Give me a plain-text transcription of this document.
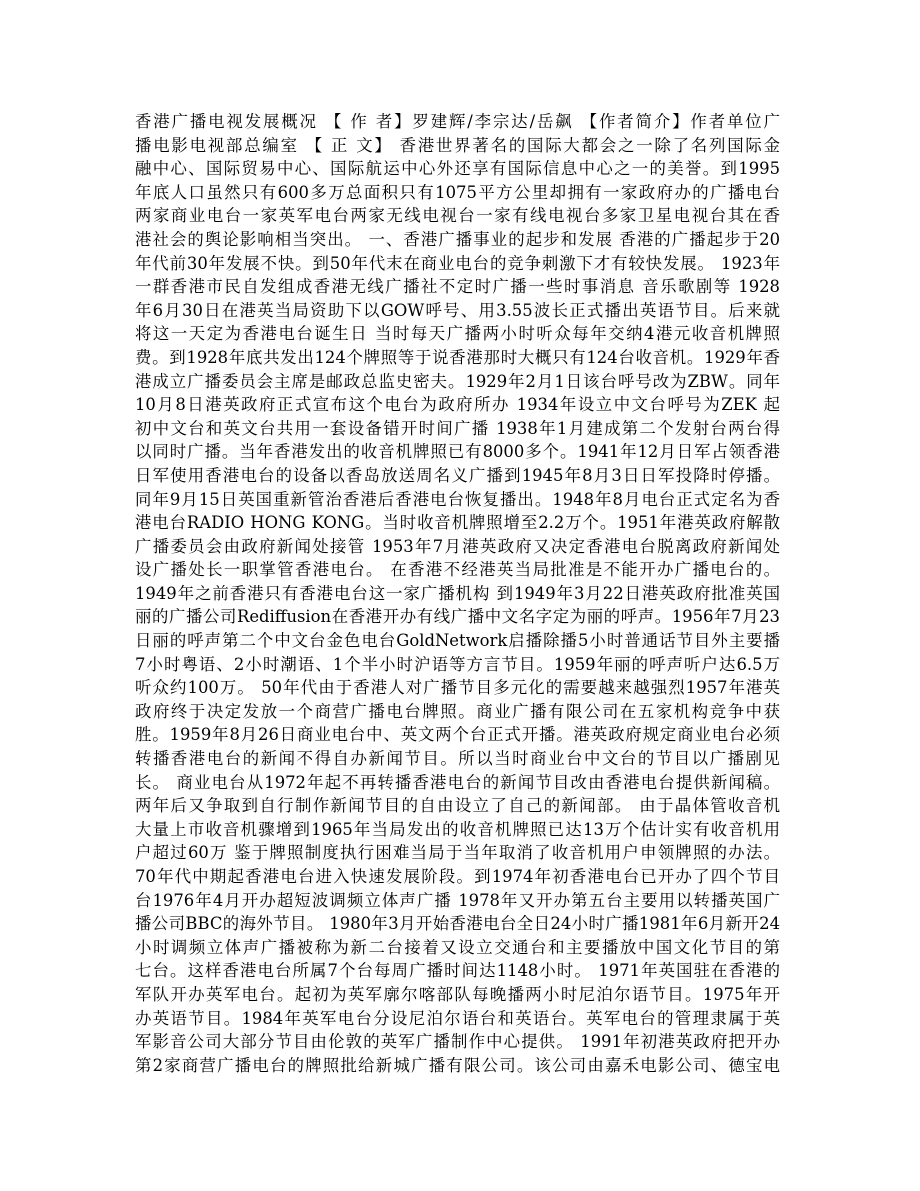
香港广播电视发展概况 【 作 者】罗建辉/李宗达/岳飙 【作者简介】作者单位广
播电影电视部总编室 【 正 文】 香港世界著名的国际大都会之一除了名列国际金
融中心、国际贸易中心、国际航运中心外还享有国际信息中心之一的美誉。到1995
年底人口虽然只有600多万总面积只有1075平方公里却拥有一家政府办的广播电台
两家商业电台一家英军电台两家无线电视台一家有线电视台多家卫星电视台其在香
港社会的舆论影响相当突出。 一、香港广播事业的起步和发展 香港的广播起步于20
年代前30年发展不快。到50年代末在商业电台的竞争刺激下才有较快发展。 1923年
一群香港市民自发组成香港无线广播社不定时广播一些时事消息 音乐歌剧等 1928
年6月30日在港英当局资助下以GOW呼号、用3.55波长正式播出英语节目。后来就
将这一天定为香港电台诞生日 当时每天广播两小时听众每年交纳4港元收音机牌照
费。到1928年底共发出124个牌照等于说香港那时大概只有124台收音机。1929年香
港成立广播委员会主席是邮政总监史密夫。1929年2月1日该台呼号改为ZBW。同年
10月8日港英政府正式宣布这个电台为政府所办 1934年设立中文台呼号为ZEK 起
初中文台和英文台共用一套设备错开时间广播 1938年1月建成第二个发射台两台得
以同时广播。当年香港发出的收音机牌照已有8000多个。1941年12月日军占领香港
日军使用香港电台的设备以香岛放送周名义广播到1945年8月3日日军投降时停播。
同年9月15日英国重新管治香港后香港电台恢复播出。1948年8月电台正式定名为香
港电台RADIO HONG KONG。当时收音机牌照增至2.2万个。1951年港英政府解散
广播委员会由政府新闻处接管 1953年7月港英政府又决定香港电台脱离政府新闻处
设广播处长一职掌管香港电台。 在香港不经港英当局批准是不能开办广播电台的。
1949年之前香港只有香港电台这一家广播机构 到1949年3月22日港英政府批准英国
丽的广播公司Rediffusion在香港开办有线广播中文名字定为丽的呼声。1956年7月23
日丽的呼声第二个中文台金色电台GoldNetwork启播除播5小时普通话节目外主要播
7小时粤语、2小时潮语、1个半小时沪语等方言节目。1959年丽的呼声听户达6.5万
听众约100万。 50年代由于香港人对广播节目多元化的需要越来越强烈1957年港英
政府终于决定发放一个商营广播电台牌照。商业广播有限公司在五家机构竞争中获
胜。1959年8月26日商业电台中、英文两个台正式开播。港英政府规定商业电台必须
转播香港电台的新闻不得自办新闻节目。所以当时商业台中文台的节目以广播剧见
长。 商业电台从1972年起不再转播香港电台的新闻节目改由香港电台提供新闻稿。
两年后又争取到自行制作新闻节目的自由设立了自己的新闻部。 由于晶体管收音机
大量上市收音机骤增到1965年当局发出的收音机牌照已达13万个估计实有收音机用
户超过60万 鉴于牌照制度执行困难当局于当年取消了收音机用户申领牌照的办法。
70年代中期起香港电台进入快速发展阶段。到1974年初香港电台已开办了四个节目
台1976年4月开办超短波调频立体声广播 1978年又开办第五台主要用以转播英国广
播公司BBC的海外节目。 1980年3月开始香港电台全日24小时广播1981年6月新开24
小时调频立体声广播被称为新二台接着又设立交通台和主要播放中国文化节目的第
七台。这样香港电台所属7个台每周广播时间达1148小时。 1971年英国驻在香港的
军队开办英军电台。起初为英军廓尔喀部队每晚播两小时尼泊尔语节目。1975年开
办英语节目。1984年英军电台分设尼泊尔语台和英语台。英军电台的管理隶属于英
军影音公司大部分节目由伦敦的英军广播制作中心提供。 1991年初港英政府把开办
第2家商营广播电台的牌照批给新城广播有限公司。该公司由嘉禾电影公司、德宝电
